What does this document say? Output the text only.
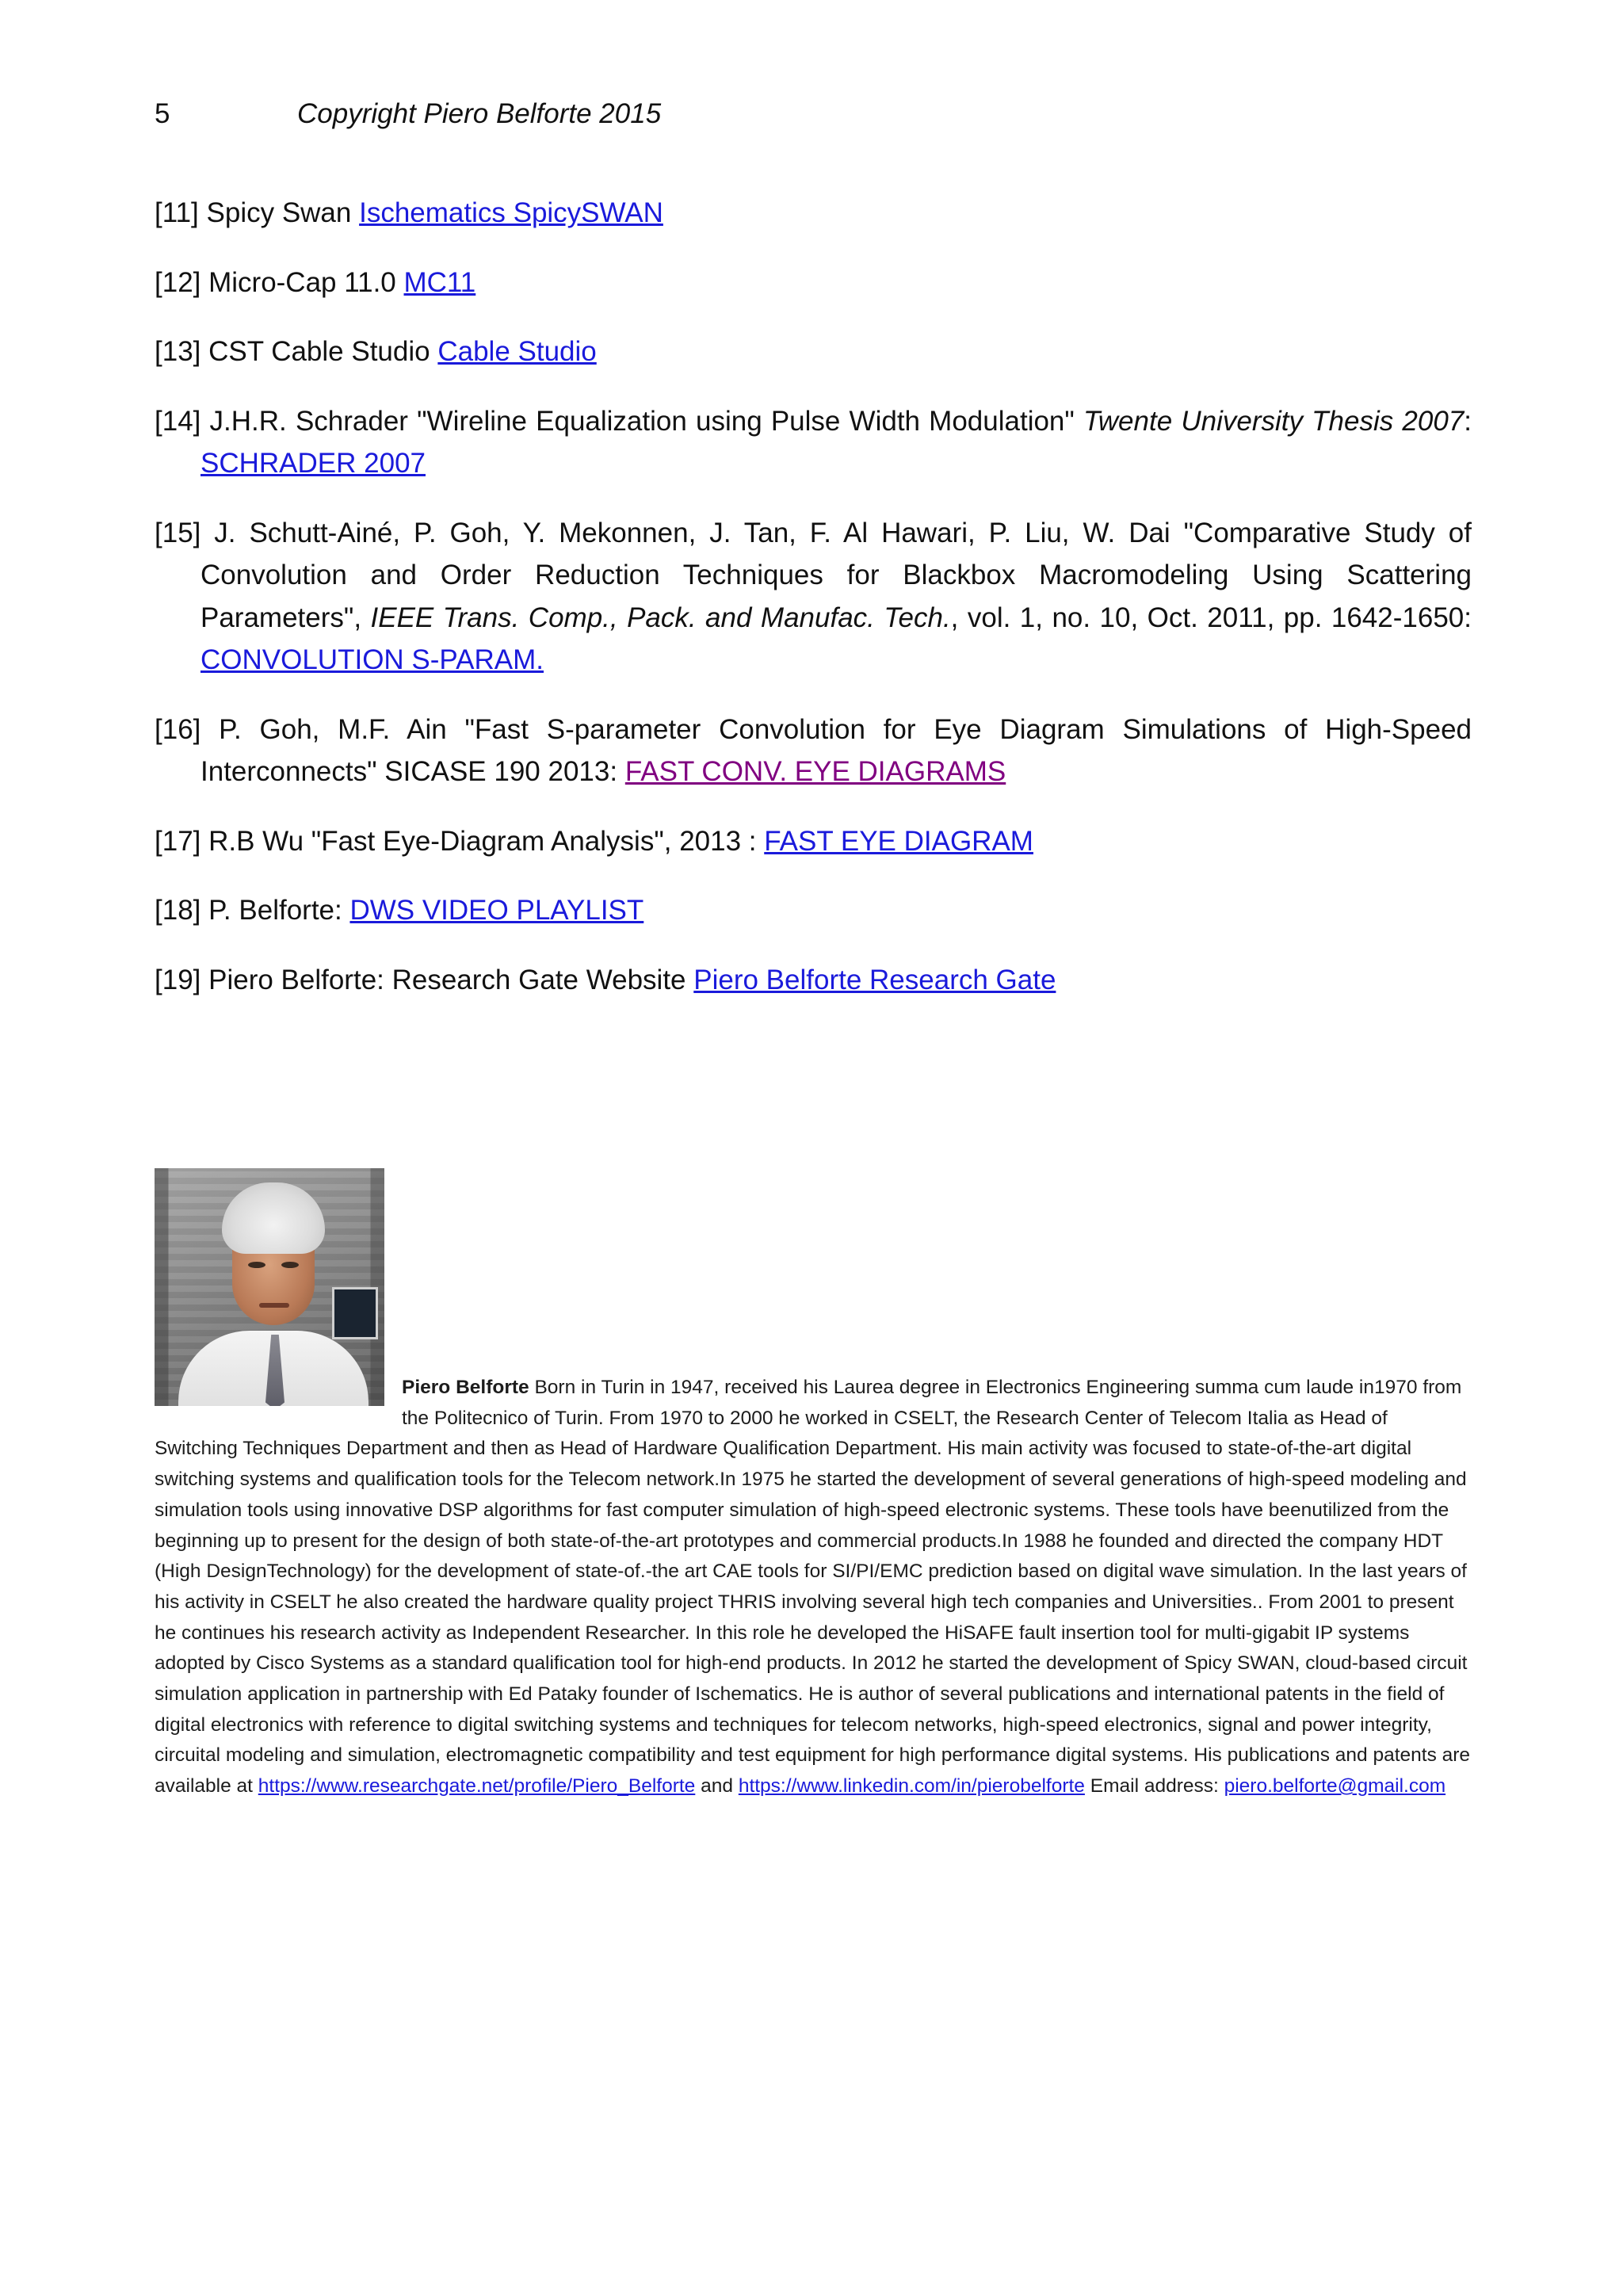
5	Copyright Piero Belforte 2015

[11] Spicy Swan Ischematics SpicySWAN

[12] Micro-Cap 11.0 MC11

[13] CST Cable Studio Cable Studio

[14] J.H.R. Schrader "Wireline Equalization using Pulse Width Modulation" Twente University Thesis 2007: SCHRADER 2007

[15] J. Schutt-Ainé, P. Goh, Y. Mekonnen, J. Tan, F. Al Hawari, P. Liu, W. Dai "Comparative Study of Convolution and Order Reduction Techniques for Blackbox Macromodeling Using Scattering Parameters", IEEE Trans. Comp., Pack. and Manufac. Tech., vol. 1, no. 10, Oct. 2011, pp. 1642-1650: CONVOLUTION S-PARAM.

[16] P. Goh, M.F. Ain "Fast S-parameter Convolution for Eye Diagram Simulations of High-Speed Interconnects" SICASE 190 2013: FAST CONV. EYE DIAGRAMS

[17] R.B Wu "Fast Eye-Diagram Analysis", 2013 : FAST EYE DIAGRAM

[18] P. Belforte: DWS VIDEO PLAYLIST

[19] Piero Belforte: Research Gate Website Piero Belforte Research Gate

Piero Belforte Born in Turin in 1947, received his Laurea degree in Electronics Engineering summa cum laude in1970 from the Politecnico of Turin. From 1970 to 2000 he worked in CSELT, the Research Center of Telecom Italia as Head of Switching Techniques Department and then as Head of Hardware Qualification Department. His main activity was focused to state-of-the-art digital switching systems and qualification tools for the Telecom network.In 1975 he started the development of several generations of high-speed modeling and simulation tools using innovative DSP algorithms for fast computer simulation of high-speed electronic systems. These tools have beenutilized from the beginning up to present for the design of both state-of-the-art prototypes and commercial products.In 1988 he founded and directed the company HDT (High DesignTechnology) for the development of state-of.-the art CAE tools for SI/PI/EMC prediction based on digital wave simulation. In the last years of his activity in CSELT he also created the hardware quality project THRIS involving several high tech companies and Universities.. From 2001 to present he continues his research activity as Independent Researcher. In this role he developed the HiSAFE fault insertion tool for multi-gigabit IP systems adopted by Cisco Systems as a standard qualification tool for high-end products. In 2012 he started the development of Spicy SWAN, cloud-based circuit simulation application in partnership with Ed Pataky founder of Ischematics. He is author of several publications and international patents in the field of digital electronics with reference to digital switching systems and techniques for telecom networks, high-speed electronics, signal and power integrity, circuital modeling and simulation, electromagnetic compatibility and test equipment for high performance digital systems. His publications and patents are available at https://www.researchgate.net/profile/Piero_Belforte and https://www.linkedin.com/in/pierobelforte Email address: piero.belforte@gmail.com
